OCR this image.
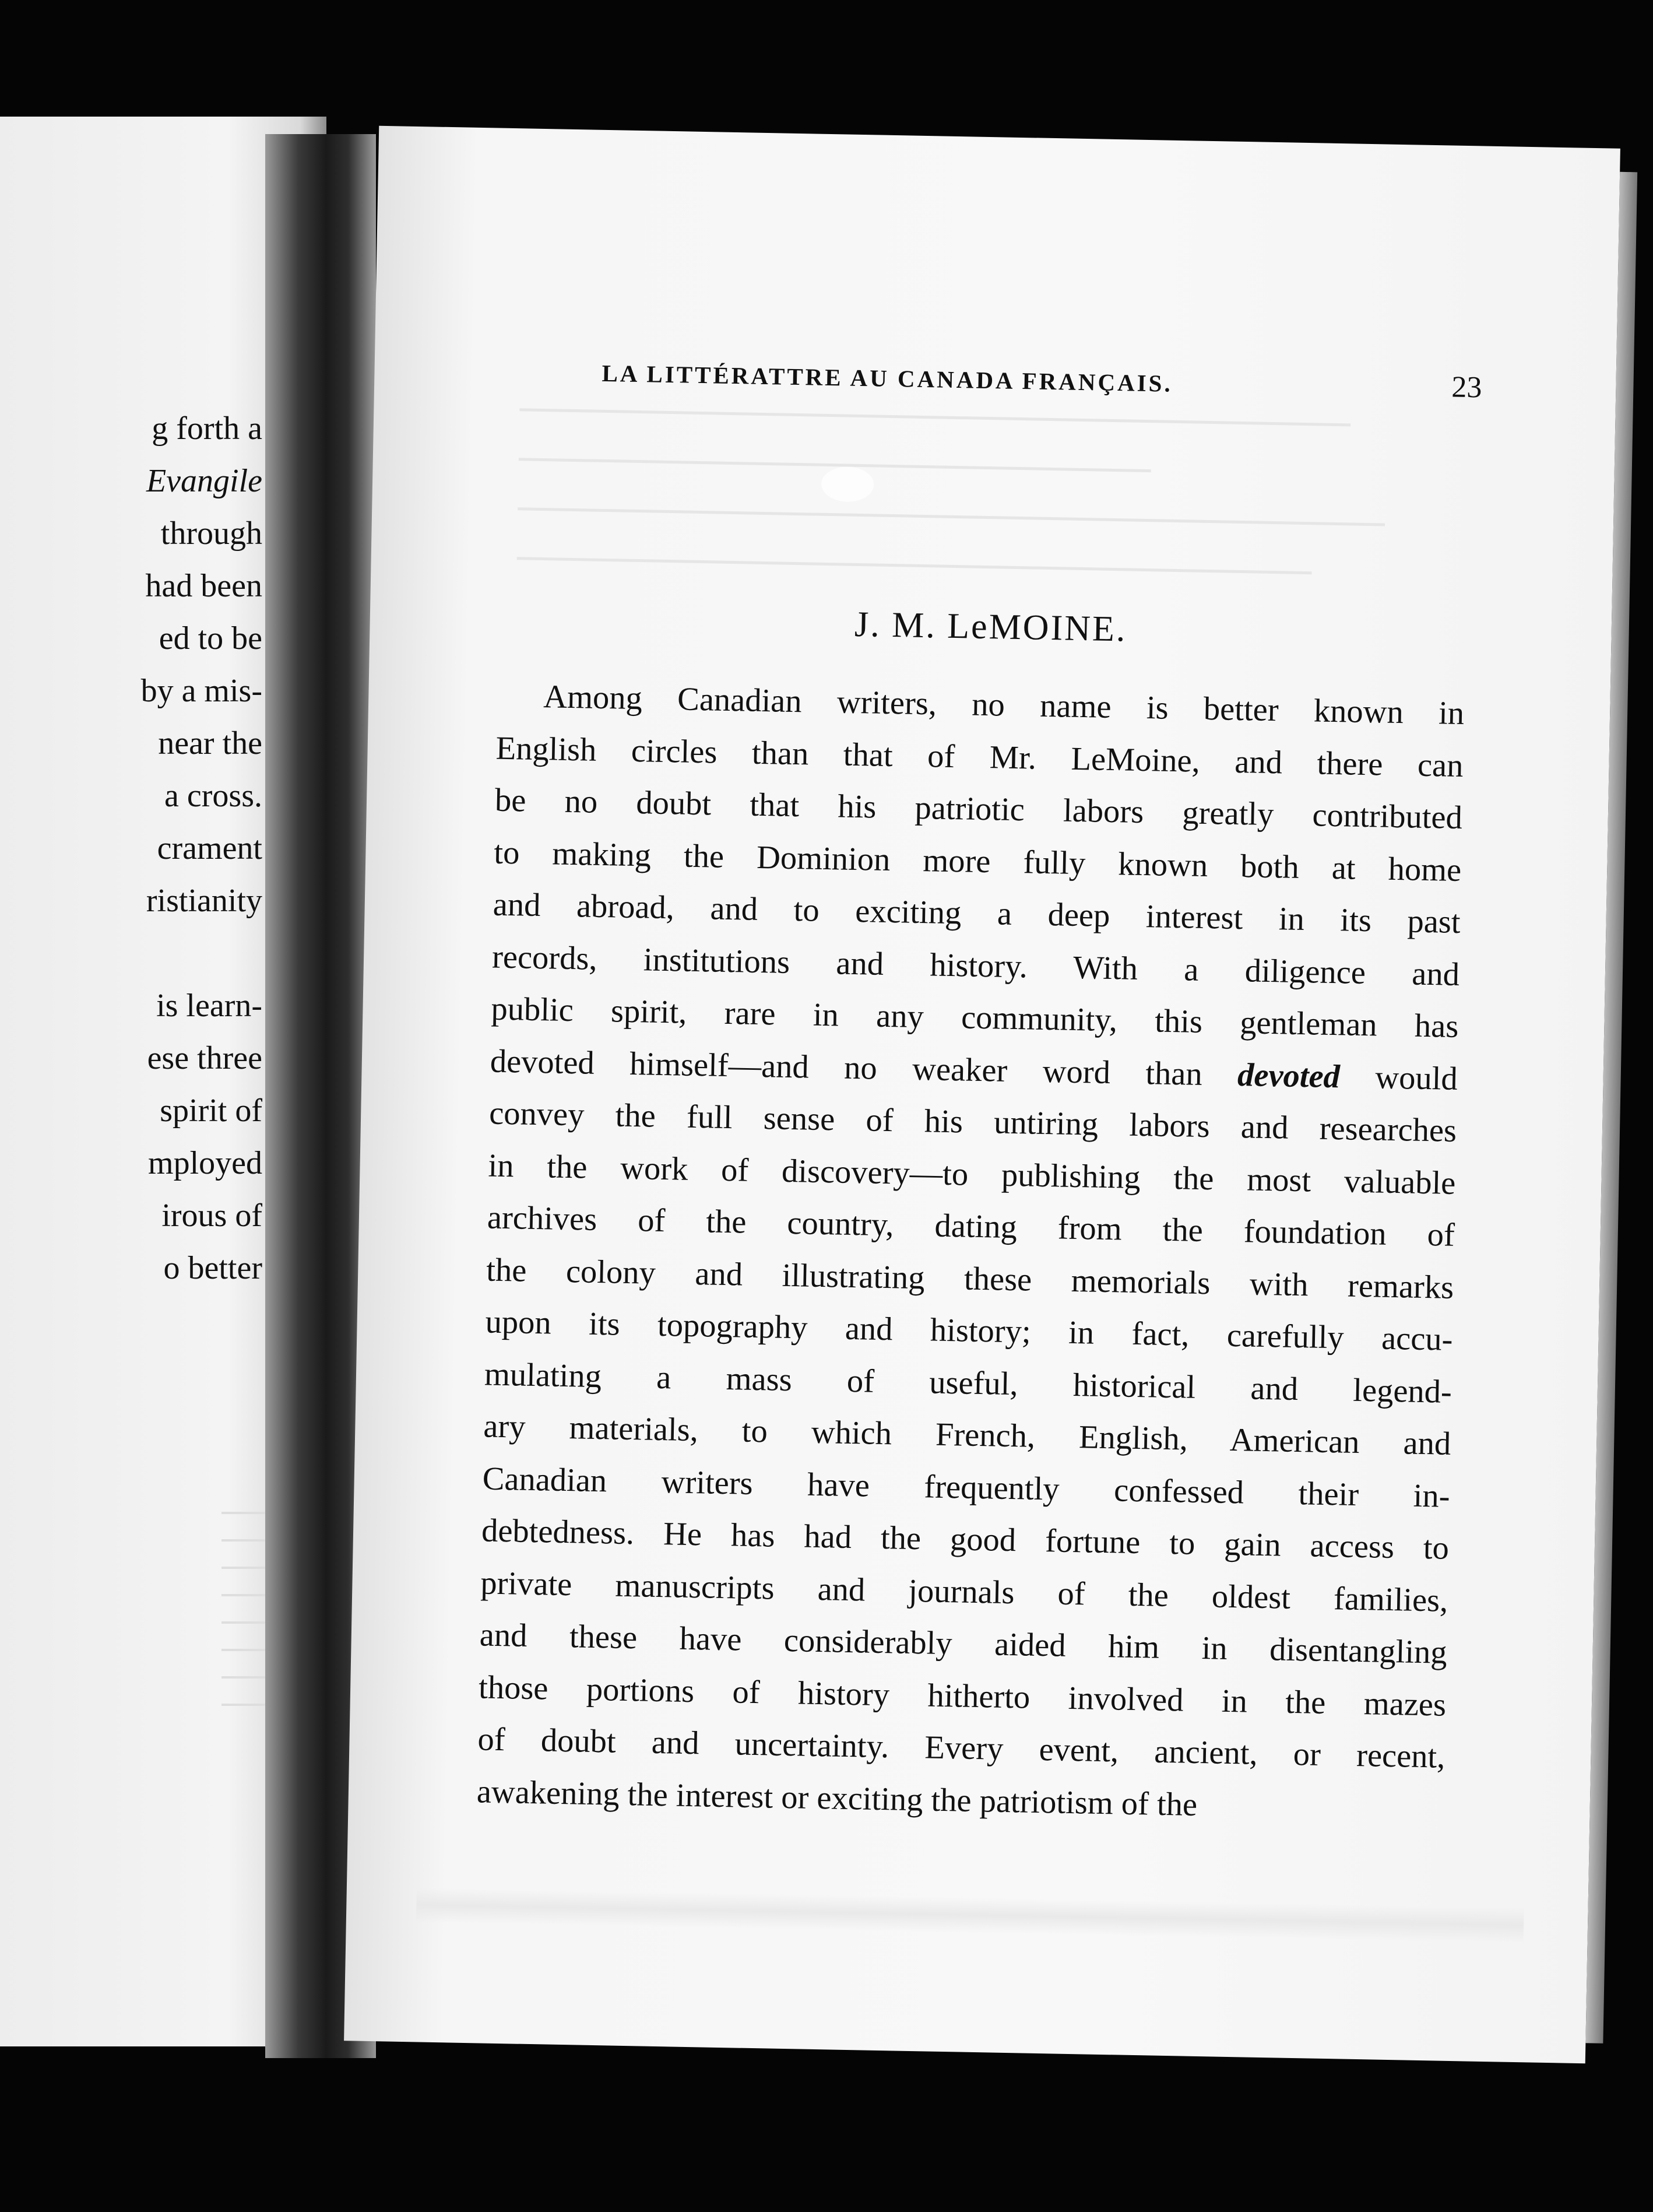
g forth a
Evangile
through
had been
ed to be
by a mis-
near the
a cross.
crament
ristianity
is learn-
ese three
spirit of
mployed
irous of
o better
LA LITTÉRATTRE AU CANADA FRANÇAIS.	23
J. M. LeMOINE.
Among Canadian writers, no name is better known in
English circles than that of Mr. LeMoine, and there can
be no doubt that his patriotic labors greatly contributed
to making the Dominion more fully known both at home
and abroad, and to exciting a deep interest in its past
records, institutions and history. With a diligence and
public spirit, rare in any community, this gentleman has
devoted himself—and no weaker word than devoted would
convey the full sense of his untiring labors and researches
in the work of discovery—to publishing the most valuable
archives of the country, dating from the foundation of
the colony and illustrating these memorials with remarks
upon its topography and history; in fact, carefully accu-
mulating a mass of useful, historical and legend-
ary materials, to which French, English, American and
Canadian writers have frequently confessed their in-
debtedness. He has had the good fortune to gain access to
private manuscripts and journals of the oldest families,
and these have considerably aided him in disentangling
those portions of history hitherto involved in the mazes
of doubt and uncertainty. Every event, ancient, or recent,
awakening the interest or exciting the patriotism of the
